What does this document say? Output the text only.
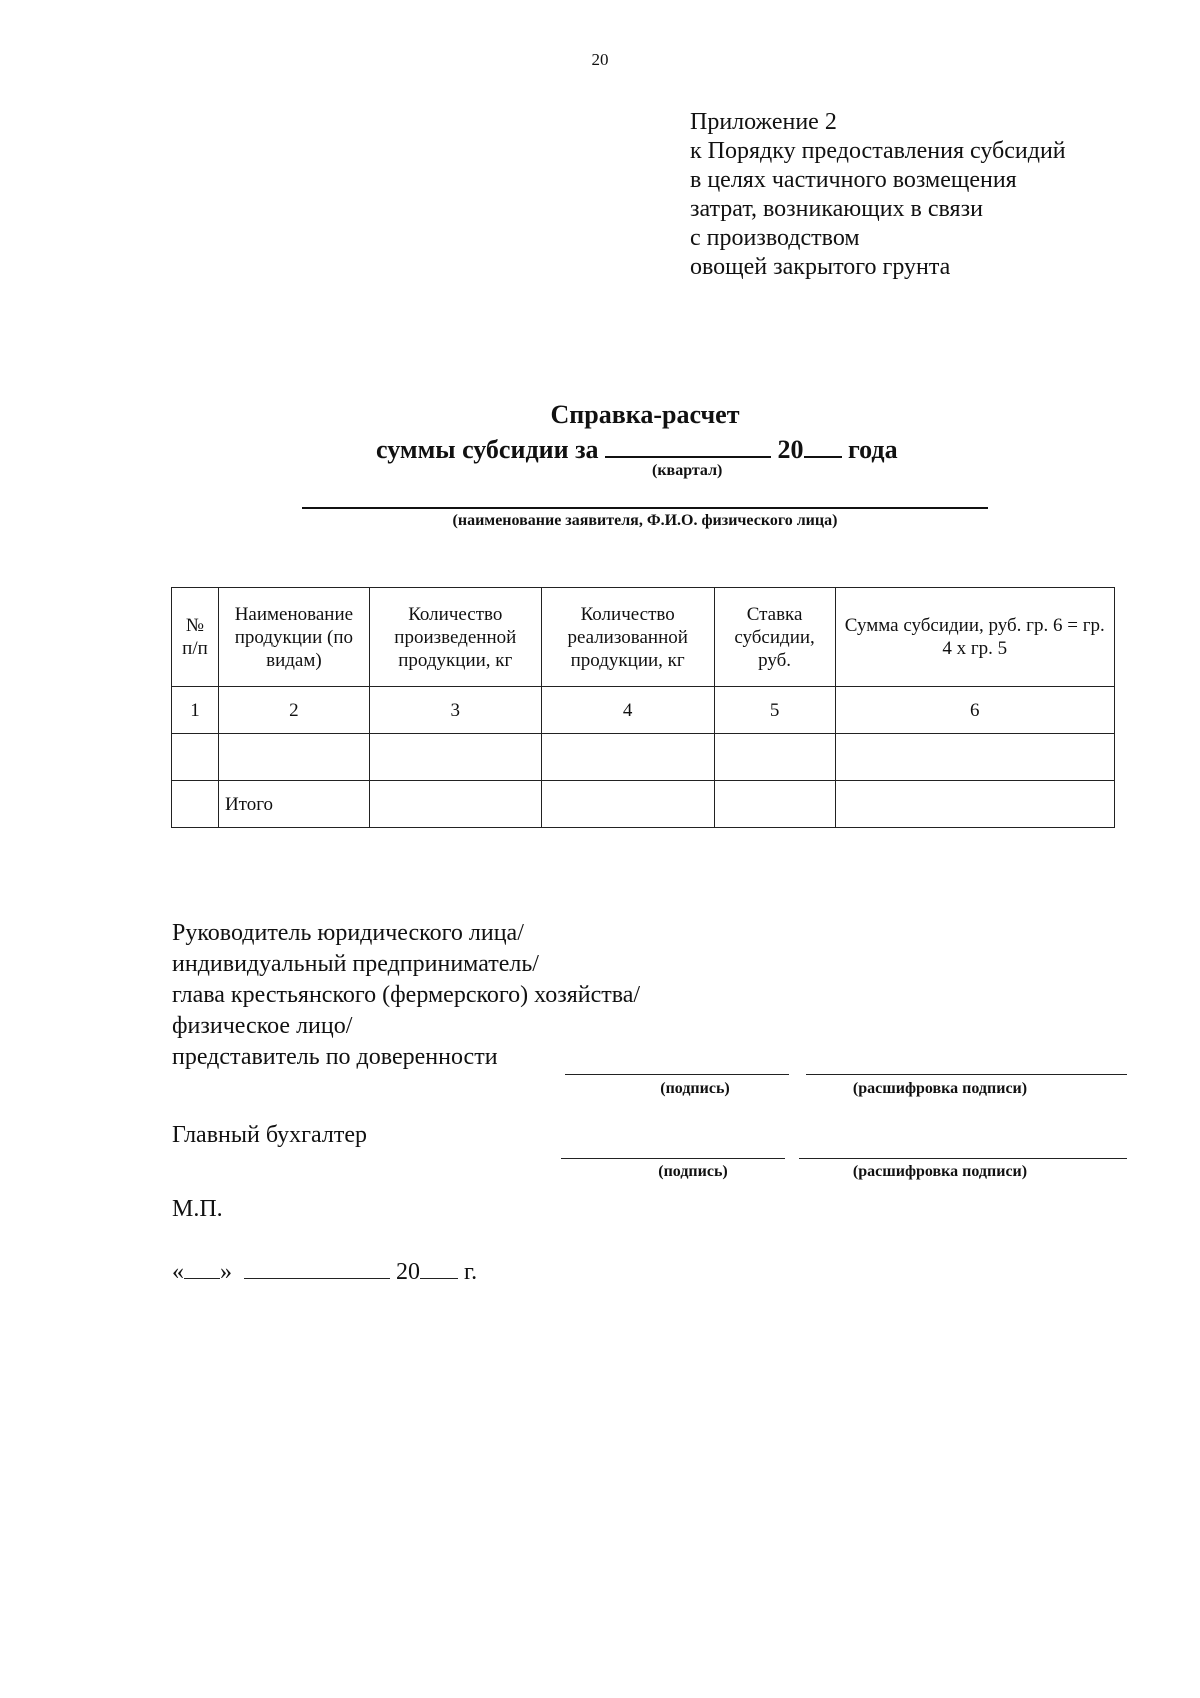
20
Приложение 2
к Порядку предоставления субсидий
в целях частичного возмещения
затрат, возникающих в связи
с производством
овощей закрытого грунта
Справка-расчет
суммы субсидии за	20 года
(квартал)
(наименование заявителя, Ф.И.О. физического лица)
№ п/п	Наименование продукции (по видам)	Количество произведенной продукции, кг	Количество реализованной продукции, кг	Ставка субсидии, руб.	Сумма субсидии, руб. гр. 6 = гр. 4 х гр. 5
1	2	3	4	5	6

	Итого				
Руководитель юридического лица/
индивидуальный предприниматель/
глава крестьянского (фермерского) хозяйства/
физическое лицо/
представитель по доверенности
(подпись)	(расшифровка подписи)
Главный бухгалтер
(подпись)	(расшифровка подписи)
М.П.
« »	20 г.
